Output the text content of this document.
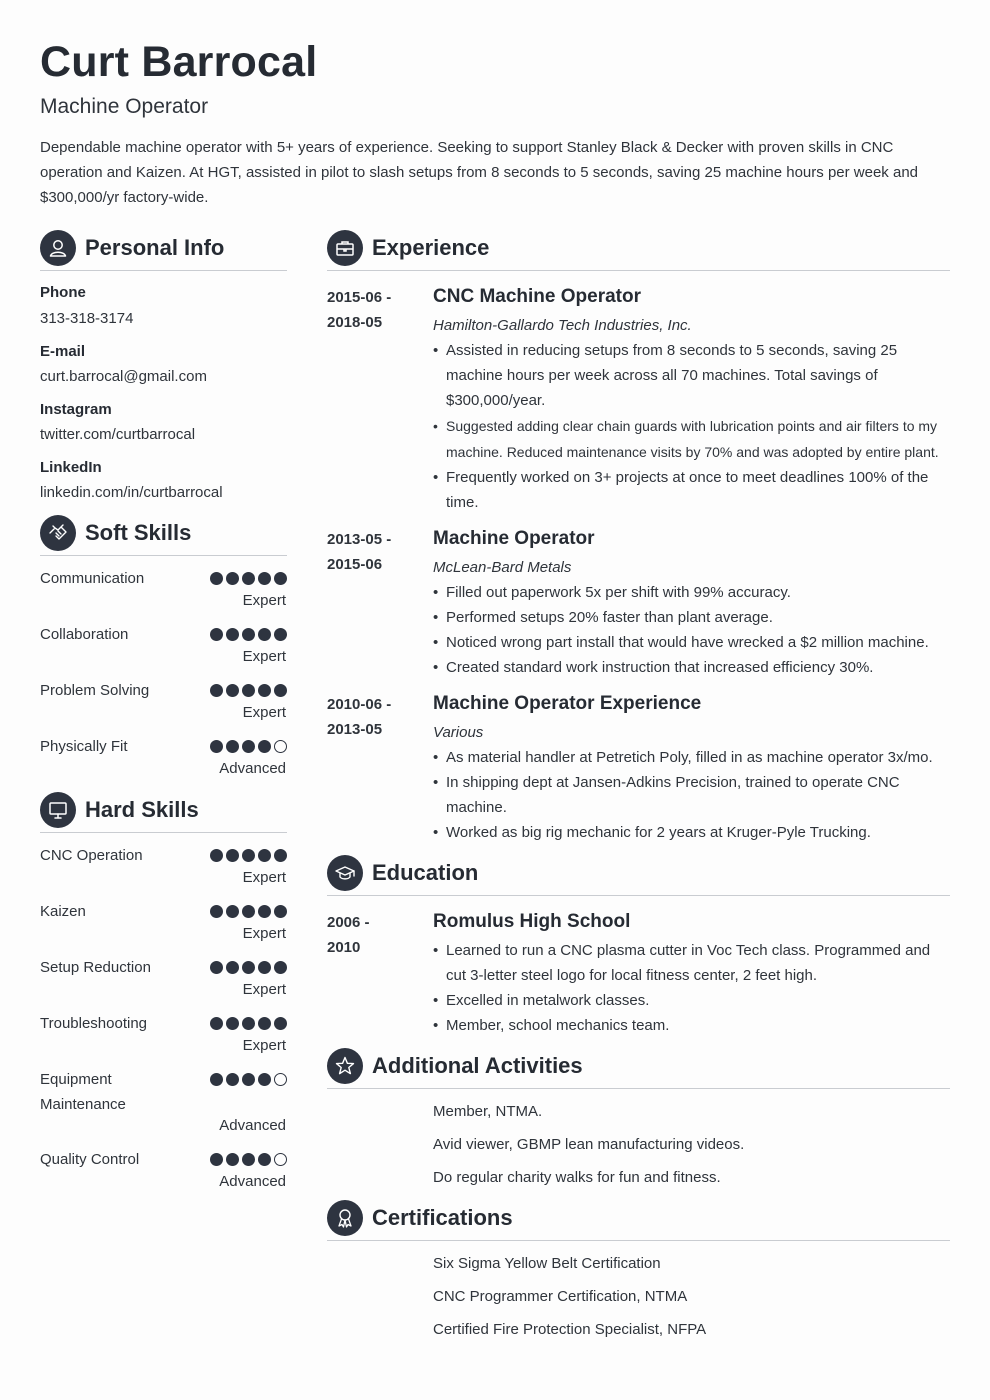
Curt Barrocal
Machine Operator
Dependable machine operator with 5+ years of experience. Seeking to support Stanley Black & Decker with proven skills in CNC operation and Kaizen. At HGT, assisted in pilot to slash setups from 8 seconds to 5 seconds, saving 25 machine hours per week and $300,000/yr factory-wide.
Personal Info
Phone
313-318-3174
E-mail
curt.barrocal@gmail.com
Instagram
twitter.com/curtbarrocal
LinkedIn
linkedin.com/in/curtbarrocal
Soft Skills
Communication
Expert
Collaboration
Expert
Problem Solving
Expert
Physically Fit
Advanced
Hard Skills
CNC Operation
Expert
Kaizen
Expert
Setup Reduction
Expert
Troubleshooting
Expert
Equipment Maintenance
Advanced
Quality Control
Advanced
Experience
2015-06 -
2018-05
CNC Machine Operator
Hamilton-Gallardo Tech Industries, Inc.
• Assisted in reducing setups from 8 seconds to 5 seconds, saving 25 machine hours per week across all 70 machines. Total savings of $300,000/year.
• Suggested adding clear chain guards with lubrication points and air filters to my machine. Reduced maintenance visits by 70% and was adopted by entire plant.
• Frequently worked on 3+ projects at once to meet deadlines 100% of the time.
2013-05 -
2015-06
Machine Operator
McLean-Bard Metals
• Filled out paperwork 5x per shift with 99% accuracy.
• Performed setups 20% faster than plant average.
• Noticed wrong part install that would have wrecked a $2 million machine.
• Created standard work instruction that increased efficiency 30%.
2010-06 -
2013-05
Machine Operator Experience
Various
• As material handler at Petretich Poly, filled in as machine operator 3x/mo.
• In shipping dept at Jansen-Adkins Precision, trained to operate CNC machine.
• Worked as big rig mechanic for 2 years at Kruger-Pyle Trucking.
Education
2006 -
2010
Romulus High School
• Learned to run a CNC plasma cutter in Voc Tech class. Programmed and cut 3-letter steel logo for local fitness center, 2 feet high.
• Excelled in metalwork classes.
• Member, school mechanics team.
Additional Activities
Member, NTMA.
Avid viewer, GBMP lean manufacturing videos.
Do regular charity walks for fun and fitness.
Certifications
Six Sigma Yellow Belt Certification
CNC Programmer Certification, NTMA
Certified Fire Protection Specialist, NFPA
